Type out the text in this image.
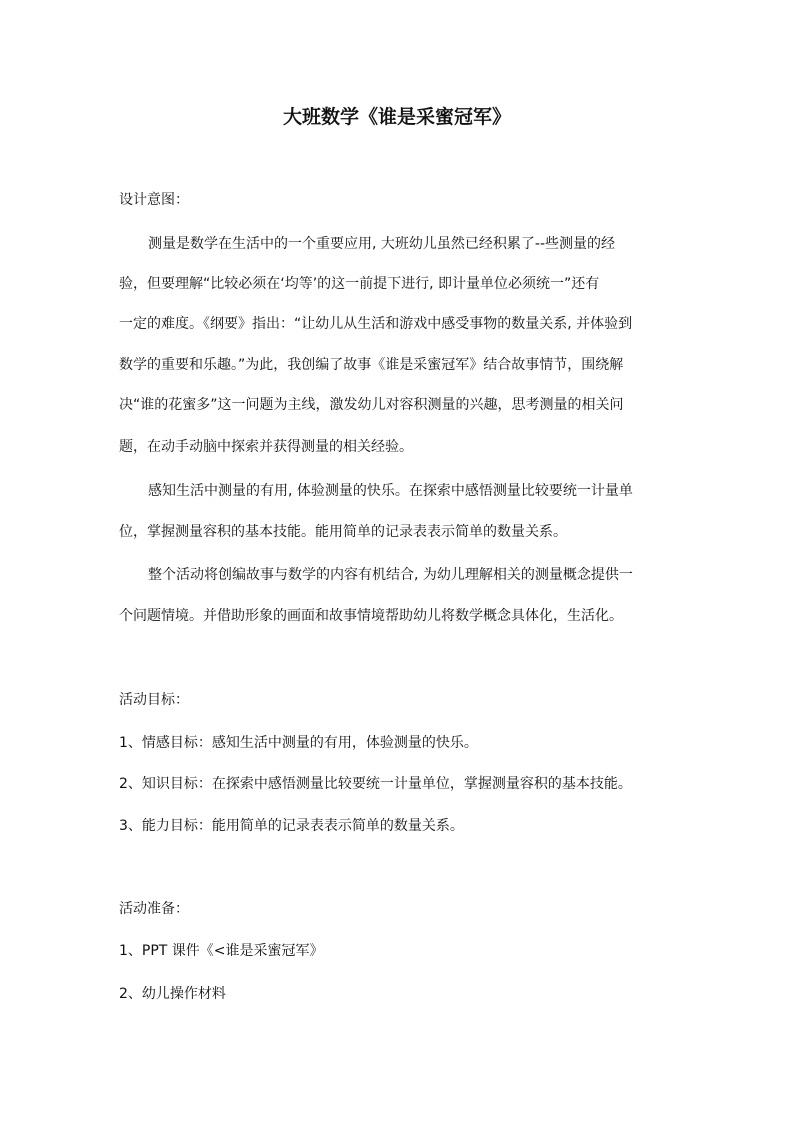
大班数学《谁是采蜜冠军》
设计意图：
测量是数学在生活中的一个重要应用, 大班幼儿虽然已经积累了--些测量的经
验，但要理解“比较必须在‘均等’的这一前提下进行, 即计量单位必须统一”还有
一定的难度。《纲要》指出：“让幼儿从生活和游戏中感受事物的数量关系, 并体验到
数学的重要和乐趣。”为此，我创编了故事《谁是采蜜冠军》结合故事情节，围绕解
决“谁的花蜜多”这一问题为主线，激发幼儿对容积测量的兴趣，思考测量的相关问
题，在动手动脑中探索并获得测量的相关经验。
感知生活中测量的有用, 体验测量的快乐。在探索中感悟测量比较要统一计量单
位，掌握测量容积的基本技能。能用简单的记录表表示简单的数量关系。
整个活动将创编故事与数学的内容有机结合, 为幼儿理解相关的测量概念提供一
个问题情境。并借助形象的画面和故事情境帮助幼儿将数学概念具体化，生活化。
活动目标：
1、情感目标：感知生活中测量的有用，体验测量的快乐。
2、知识目标：在探索中感悟测量比较要统一计量单位，掌握测量容积的基本技能。
3、能力目标：能用简单的记录表表示简单的数量关系。
活动准备：
1、PPT 课件《<谁是采蜜冠军》
2、幼儿操作材料
